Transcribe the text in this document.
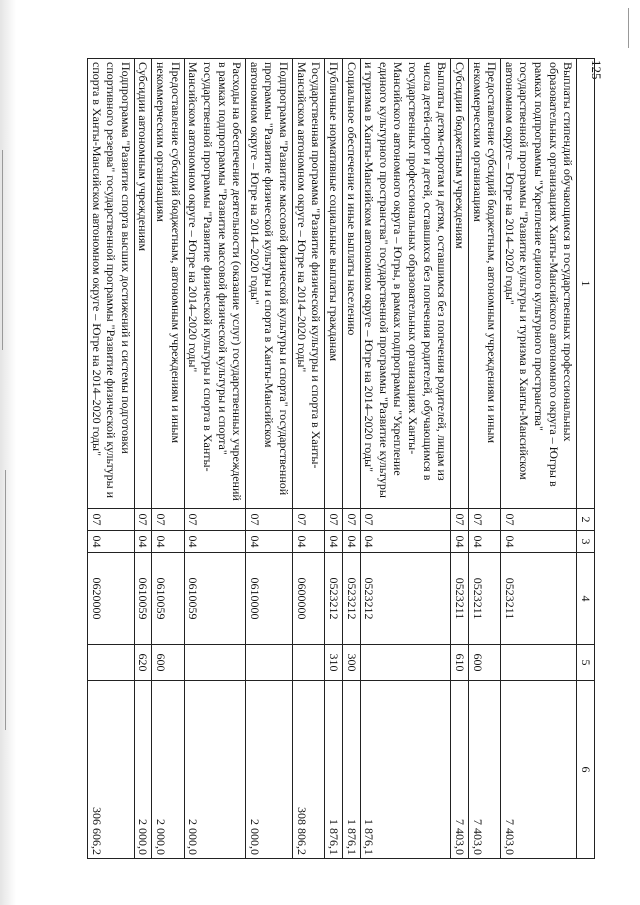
125
1	2	3	4	5	6
Выплаты стипендий обучающимся в государственных профессиональных образовательных организациях Ханты-Мансийского автономного округа – Югры в рамках подпрограммы "Укрепление единого культурного пространства" государственной программы "Развитие культуры и туризма в Ханты-Мансийском автономном округе – Югре на 2014–2020 годы"	07	04	0523211		7 403,0
Предоставление субсидий бюджетным, автономным учреждениям и иным некоммерческим организациям	07	04	0523211	600	7 403,0
Субсидии бюджетным учреждениям	07	04	0523211	610	7 403,0
Выплаты детям-сиротам и детям, оставшимся без попечения родителей, лицам из числа детей-сирот и детей, оставшихся без попечения родителей, обучающимся в государственных профессиональных образовательных организациях Ханты-Мансийского автономного округа – Югры, в рамках подпрограммы "Укрепление единого культурного пространства" государственной программы "Развитие культуры и туризма в Ханты-Мансийском автономном округе – Югре на 2014–2020 годы"	07	04	0523212		1 876,1
Социальное обеспечение и иные выплаты населению	07	04	0523212	300	1 876,1
Публичные нормативные социальные выплаты гражданам	07	04	0523212	310	1 876,1
Государственная программа "Развитие физической культуры и спорта в Ханты-Мансийском автономном округе – Югре на 2014–2020 годы"	07	04	0600000		308 806,2
Подпрограмма "Развитие массовой физической культуры и спорта" государственной программы "Развитие физической культуры и спорта в Ханты-Мансийском автономном округе – Югре на 2014–2020 годы"	07	04	0610000		2 000,0
Расходы на обеспечение деятельности (оказание услуг) государственных учреждений в рамках подпрограммы "Развитие массовой физической культуры и спорта" государственной программы "Развитие физической культуры и спорта в Ханты-Мансийском автономном округе – Югре на 2014–2020 годы"	07	04	0610059		2 000,0
Предоставление субсидий бюджетным, автономным учреждениям и иным некоммерческим организациям	07	04	0610059	600	2 000,0
Субсидии автономным учреждениям	07	04	0610059	620	2 000,0
Подпрограмма "Развитие спорта высших достижений и системы подготовки спортивного резерва" государственной программы "Развитие физической культуры и спорта в Ханты-Мансийском автономном округе – Югре на 2014–2020 годы"	07	04	0620000		306 606,2
